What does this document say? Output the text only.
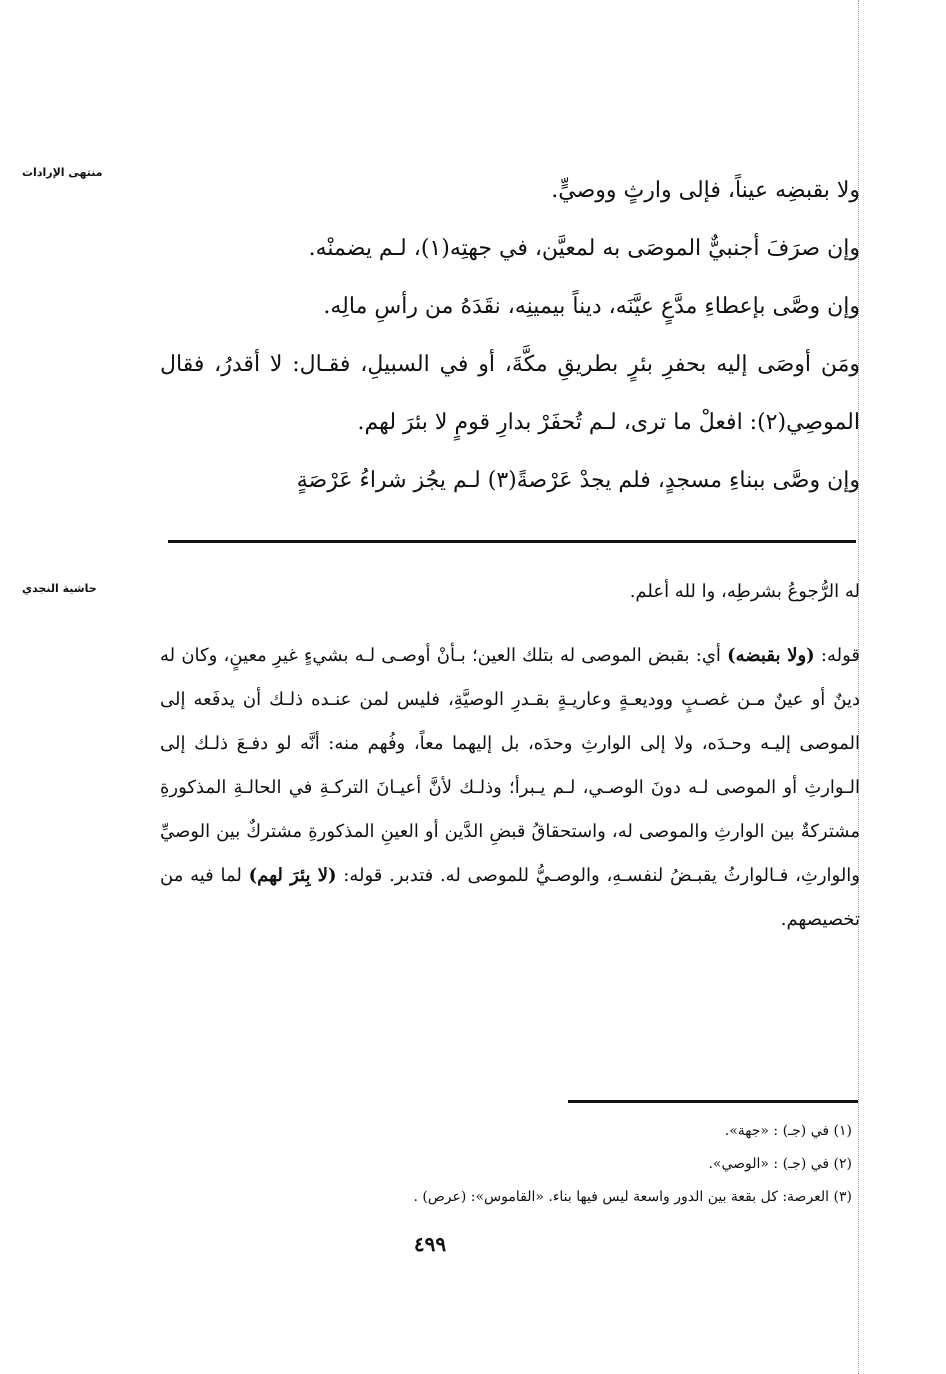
منتهى الإرادات
حاشية النجدي

ولا بقبضِه عيناً، فإلى وارثٍ ووصيٍّ.

وإن صرَفَ أجنبيٌّ الموصَى به لمعيَّن، في جهتِه(١)، لـم يضمنْه.

وإن وصَّى بإعطاءِ مدَّعٍ عيَّنَه، ديناً بيمينِه، نقَدَهُ من رأسِ مالِه.

ومَن أوصَى إليه بحفرِ بئرٍ بطريقِ مكَّةَ، أو في السبيلِ، فقـال: لا أقدرُ، فقال الموصِي(٢): افعلْ ما ترى، لـم تُحفَرْ بدارِ قومٍ لا بئرَ لهم.

وإن وصَّى ببناءِ مسجدٍ، فلم يجدْ عَرْصةً(٣) لـم يجُز شراءُ عَرْصَةٍ

له الرُّجوعُ بشرطِه، وا لله أعلم.

قوله: (ولا بقبضه) أي: بقبض الموصى له بتلك العين؛ بـأنْ أوصـى لـه بشيءٍ غيرِ معينٍ، وكان له دينٌ أو عينٌ مـن غصـبٍ ووديعـةٍ وعاريـةٍ بقـدرِ الوصيَّةِ، فليس لمن عنـده ذلـك أن يدفَعه إلى الموصى إليـه وحـدَه، ولا إلى الوارثِ وحدَه، بل إليهما معاً، وفُهم منه: أنَّه لو دفـعَ ذلـك إلى الـوارثِ أو الموصى لـه دونَ الوصـي، لـم يـبرأ؛ وذلـك لأنَّ أعيـانَ التركـةِ في الحالـةِ المذكورةِ مشتركةٌ بين الوارثِ والموصى له، واستحقاقُ قبضِ الدَّين أو العينِ المذكورةِ مشتركٌ بين الوصيِّ والوارثِ، فـالوارثُ يقبـضُ لنفسـهِ، والوصـيُّ للموصى له. فتدبر. قوله: (لا بِئرَ لهم) لما فيه من تخصيصهم.

(١) في (جـ) : «جهة».

(٢) في (جـ) : «الوصي».

(٣) العرصة: كل بقعة بين الدور واسعة ليس فيها بناء. «القاموس»: (عرص) .

٤٩٩
